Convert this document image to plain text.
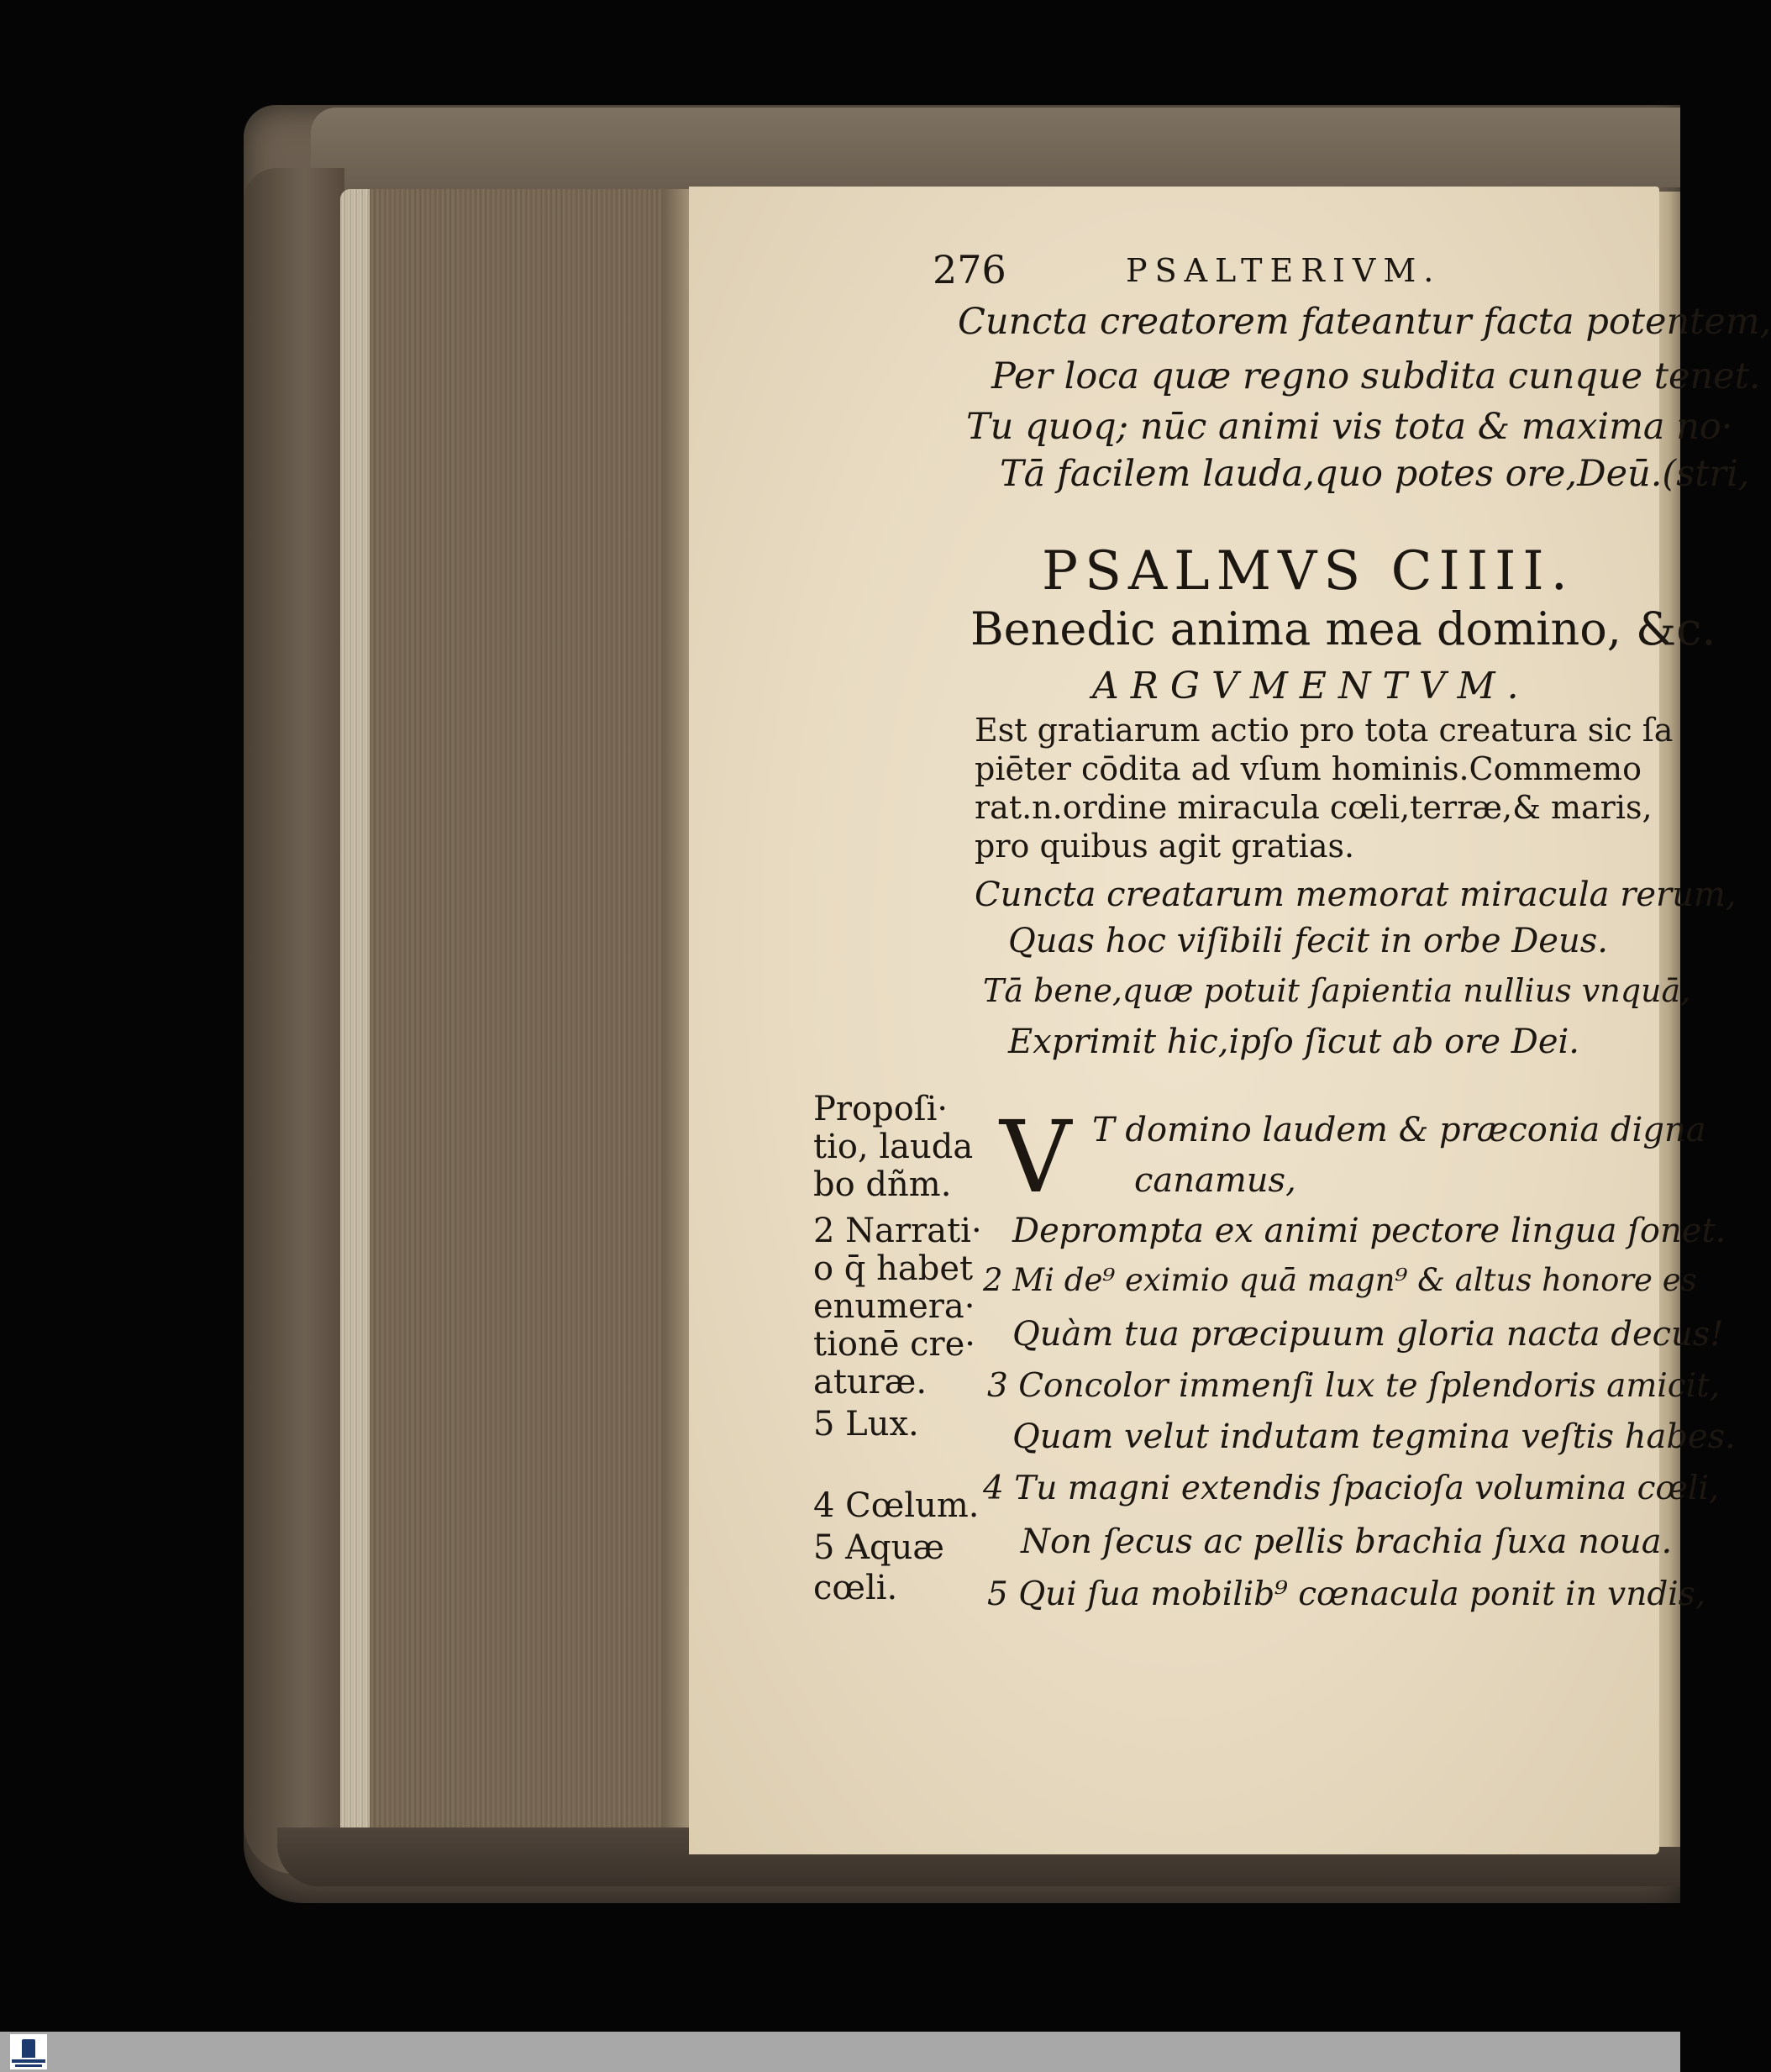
276	PSALTERIVM.

Cuncta creatorem fateantur facta potentem,

Per loca quæ regno subdita cunque tenet.

Tu quoq; nūc animi vis tota & maxima no·

Tā facilem lauda,quo potes ore,Deū.(stri,

PSALMVS CIIII.

Benedic anima mea domino, &c.

ARGVMENTVM.

Est gratiarum actio pro tota creatura sic ſa

piēter cōdita ad vſum hominis.Commemo

rat.n.ordine miracula cœli,terræ,& maris,

pro quibus agit gratias.

Cuncta creatarum memorat miracula rerum,

Quas hoc viſibili fecit in orbe Deus.

Tā bene,quæ potuit ſapientia nullius vnquā,

Exprimit hic,ipſo ſicut ab ore Dei.

Propoſi·

tio, lauda

bo dñm.

2 Narrati·

o q̄ habet

enumera·

tionē cre·

aturæ.

5 Lux.

4 Cœlum.

5 Aquæ

cœli.

V T domino laudem & præconia digna

canamus,

Deprompta ex animi pectore lingua ſonet.

2 Mi de⁹ eximio quā magn⁹ & altus honore es

Quàm tua præcipuum gloria nacta decus!

3 Concolor immenſi lux te ſplendoris amicit,

Quam velut indutam tegmina veſtis habes.

4 Tu magni extendis ſpacioſa volumina cœli,

Non ſecus ac pellis brachia ſuxa noua.

5 Qui ſua mobilib⁹ cœnacula ponit in vndis,
